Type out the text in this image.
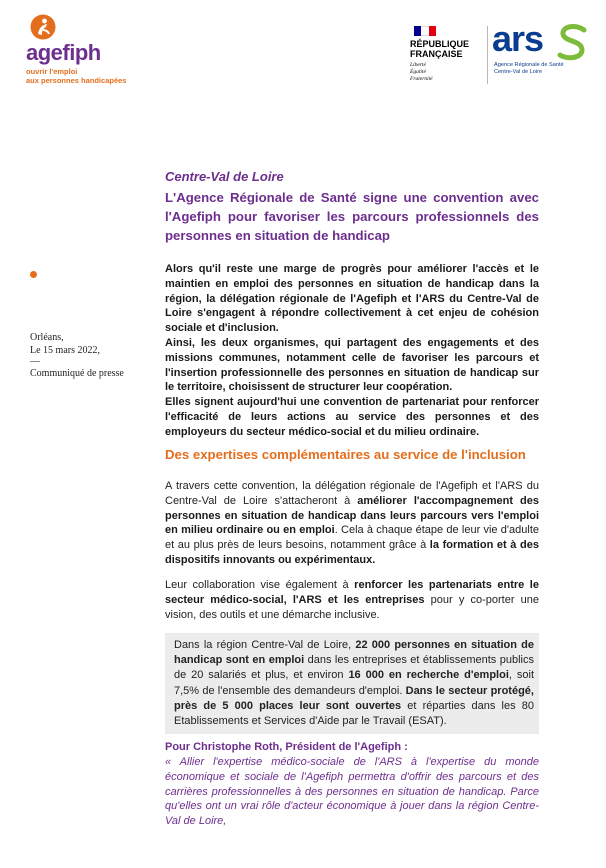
agefiph
ouvrir l'emploi
aux personnes handicapées
RÉPUBLIQUE
FRANÇAISE
Liberté
Égalité
Fraternité
ars
Agence Régionale de Santé
Centre-Val de Loire
Orléans,
Le 15 mars 2022,
—
Communiqué de presse
Centre-Val de Loire
L'Agence Régionale de Santé signe une convention avec l'Agefiph pour favoriser les parcours professionnels des personnes en situation de handicap

Alors qu'il reste une marge de progrès pour améliorer l'accès et le maintien en emploi des personnes en situation de handicap dans la région, la délégation régionale de l'Agefiph et l'ARS du Centre-Val de Loire s'engagent à répondre collectivement à cet enjeu de cohésion sociale et d'inclusion.

Ainsi, les deux organismes, qui partagent des engagements et des missions communes, notamment celle de favoriser les parcours et l'insertion professionnelle des personnes en situation de handicap sur le territoire, choisissent de structurer leur coopération.

Elles signent aujourd'hui une convention de partenariat pour renforcer l'efficacité de leurs actions au service des personnes et des employeurs du secteur médico-social et du milieu ordinaire.

Des expertises complémentaires au service de l'inclusion
A travers cette convention, la délégation régionale de l'Agefiph et l'ARS du Centre-Val de Loire s'attacheront à améliorer l'accompagnement des personnes en situation de handicap dans leurs parcours vers l'emploi en milieu ordinaire ou en emploi. Cela à chaque étape de leur vie d'adulte et au plus près de leurs besoins, notamment grâce à la formation et à des dispositifs innovants ou expérimentaux.
Leur collaboration vise également à renforcer les partenariats entre le secteur médico-social, l'ARS et les entreprises pour y co-porter une vision, des outils et une démarche inclusive.
Dans la région Centre-Val de Loire, 22 000 personnes en situation de handicap sont en emploi dans les entreprises et établissements publics de 20 salariés et plus, et environ 16 000 en recherche d'emploi, soit 7,5% de l'ensemble des demandeurs d'emploi. Dans le secteur protégé, près de 5 000 places leur sont ouvertes et réparties dans les 80 Etablissements et Services d'Aide par le Travail (ESAT).
Pour Christophe Roth, Président de l'Agefiph :
« Allier l'expertise médico-sociale de l'ARS à l'expertise du monde économique et sociale de l'Agefiph permettra d'offrir des parcours et des carrières professionnelles à des personnes en situation de handicap. Parce qu'elles ont un vrai rôle d'acteur économique à jouer dans la région Centre-Val de Loire,
